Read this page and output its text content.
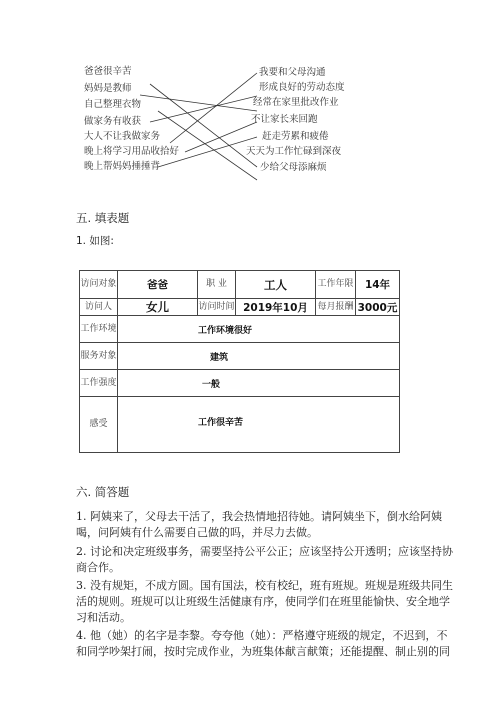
爸爸很辛苦
妈妈是教师
自己整理衣物
做家务有收获
大人不让我做家务
晚上将学习用品收拾好
晚上帮妈妈捶捶背
我要和父母沟通
形成良好的劳动态度
经常在家里批改作业
不让家长来回跑
赶走劳累和疲倦
天天为工作忙碌到深夜
少给父母添麻烦
五. 填表题
1. 如图:
访问对象	爸爸	职 业	工人	工作年限	14年
访问人	女儿	访问时间	2019年10月	每月报酬	3000元
工作环境	工作环境很好				
服务对象	建筑				
工作强度	一般				
感受	工作很辛苦				
六. 简答题
1. 阿姨来了，父母去干活了，我会热情地招待她。请阿姨坐下，倒水给阿姨
喝，问阿姨有什么需要自己做的吗，并尽力去做。
2. 讨论和决定班级事务，需要坚持公平公正；应该坚持公开透明；应该坚持协
商合作。
3. 没有规矩，不成方圆。国有国法，校有校纪，班有班规。班规是班级共同生
活的规则。班规可以让班级生活健康有序，使同学们在班里能愉快、安全地学
习和活动。
4. 他（她）的名字是李黎。夸夸他（她）：严格遵守班级的规定，不迟到，不
和同学吵架打闹，按时完成作业，为班集体献言献策；还能提醒、制止别的同
